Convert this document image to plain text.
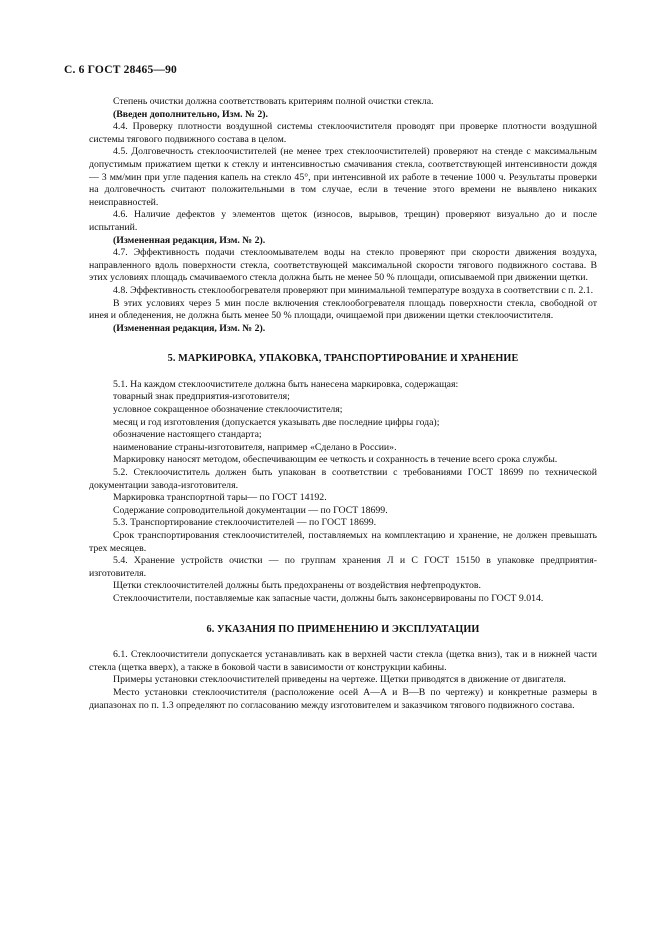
С. 6 ГОСТ 28465—90

Степень очистки должна соответствовать критериям полной очистки стекла.

(Введен дополнительно, Изм. № 2).

4.4. Проверку плотности воздушной системы стеклоочистителя проводят при проверке плотности воздушной системы тягового подвижного состава в целом.

4.5. Долговечность стеклоочистителей (не менее трех стеклоочистителей) проверяют на стенде с максимальным допустимым прижатием щетки к стеклу и интенсивностью смачивания стекла, соответствующей интенсивности дождя — 3 мм/мин при угле падения капель на стекло 45°, при интенсивной их работе в течение 1000 ч. Результаты проверки на долговечность считают положительными в том случае, если в течение этого времени не выявлено никаких неисправностей.

4.6. Наличие дефектов у элементов щеток (износов, вырывов, трещин) проверяют визуально до и после испытаний.

(Измененная редакция, Изм. № 2).

4.7. Эффективность подачи стеклоомывателем воды на стекло проверяют при скорости движения воздуха, направленного вдоль поверхности стекла, соответствующей максимальной скорости тягового подвижного состава. В этих условиях площадь смачиваемого стекла должна быть не менее 50 % площади, описываемой при движении щетки.

4.8. Эффективность стеклообогревателя проверяют при минимальной температуре воздуха в соответствии с п. 2.1.

В этих условиях через 5 мин после включения стеклообогревателя площадь поверхности стекла, свободной от инея и обледенения, не должна быть менее 50 % площади, очищаемой при движении щетки стеклоочистителя.

(Измененная редакция, Изм. № 2).

5. МАРКИРОВКА, УПАКОВКА, ТРАНСПОРТИРОВАНИЕ И ХРАНЕНИЕ

5.1. На каждом стеклоочистителе должна быть нанесена маркировка, содержащая:

товарный знак предприятия-изготовителя;

условное сокращенное обозначение стеклоочистителя;

месяц и год изготовления (допускается указывать две последние цифры года);

обозначение настоящего стандарта;

наименование страны-изготовителя, например «Сделано в России».

Маркировку наносят методом, обеспечивающим ее четкость и сохранность в течение всего срока службы.

5.2. Стеклоочиститель должен быть упакован в соответствии с требованиями ГОСТ 18699 по технической документации завода-изготовителя.

Маркировка транспортной тары— по ГОСТ 14192.

Содержание сопроводительной документации — по ГОСТ 18699.

5.3. Транспортирование стеклоочистителей — по ГОСТ 18699.

Срок транспортирования стеклоочистителей, поставляемых на комплектацию и хранение, не должен превышать трех месяцев.

5.4. Хранение устройств очистки — по группам хранения Л и С ГОСТ 15150 в упаковке предприятия-изготовителя.

Щетки стеклоочистителей должны быть предохранены от воздействия нефтепродуктов.

Стеклоочистители, поставляемые как запасные части, должны быть законсервированы по ГОСТ 9.014.

6. УКАЗАНИЯ ПО ПРИМЕНЕНИЮ И ЭКСПЛУАТАЦИИ

6.1. Стеклоочистители допускается устанавливать как в верхней части стекла (щетка вниз), так и в нижней части стекла (щетка вверх), а также в боковой части в зависимости от конструкции кабины.

Примеры установки стеклоочистителей приведены на чертеже. Щетки приводятся в движение от двигателя.

Место установки стеклоочистителя (расположение осей А—А и В—В по чертежу) и конкретные размеры в диапазонах по п. 1.3 определяют по согласованию между изготовителем и заказчиком тягового подвижного состава.
